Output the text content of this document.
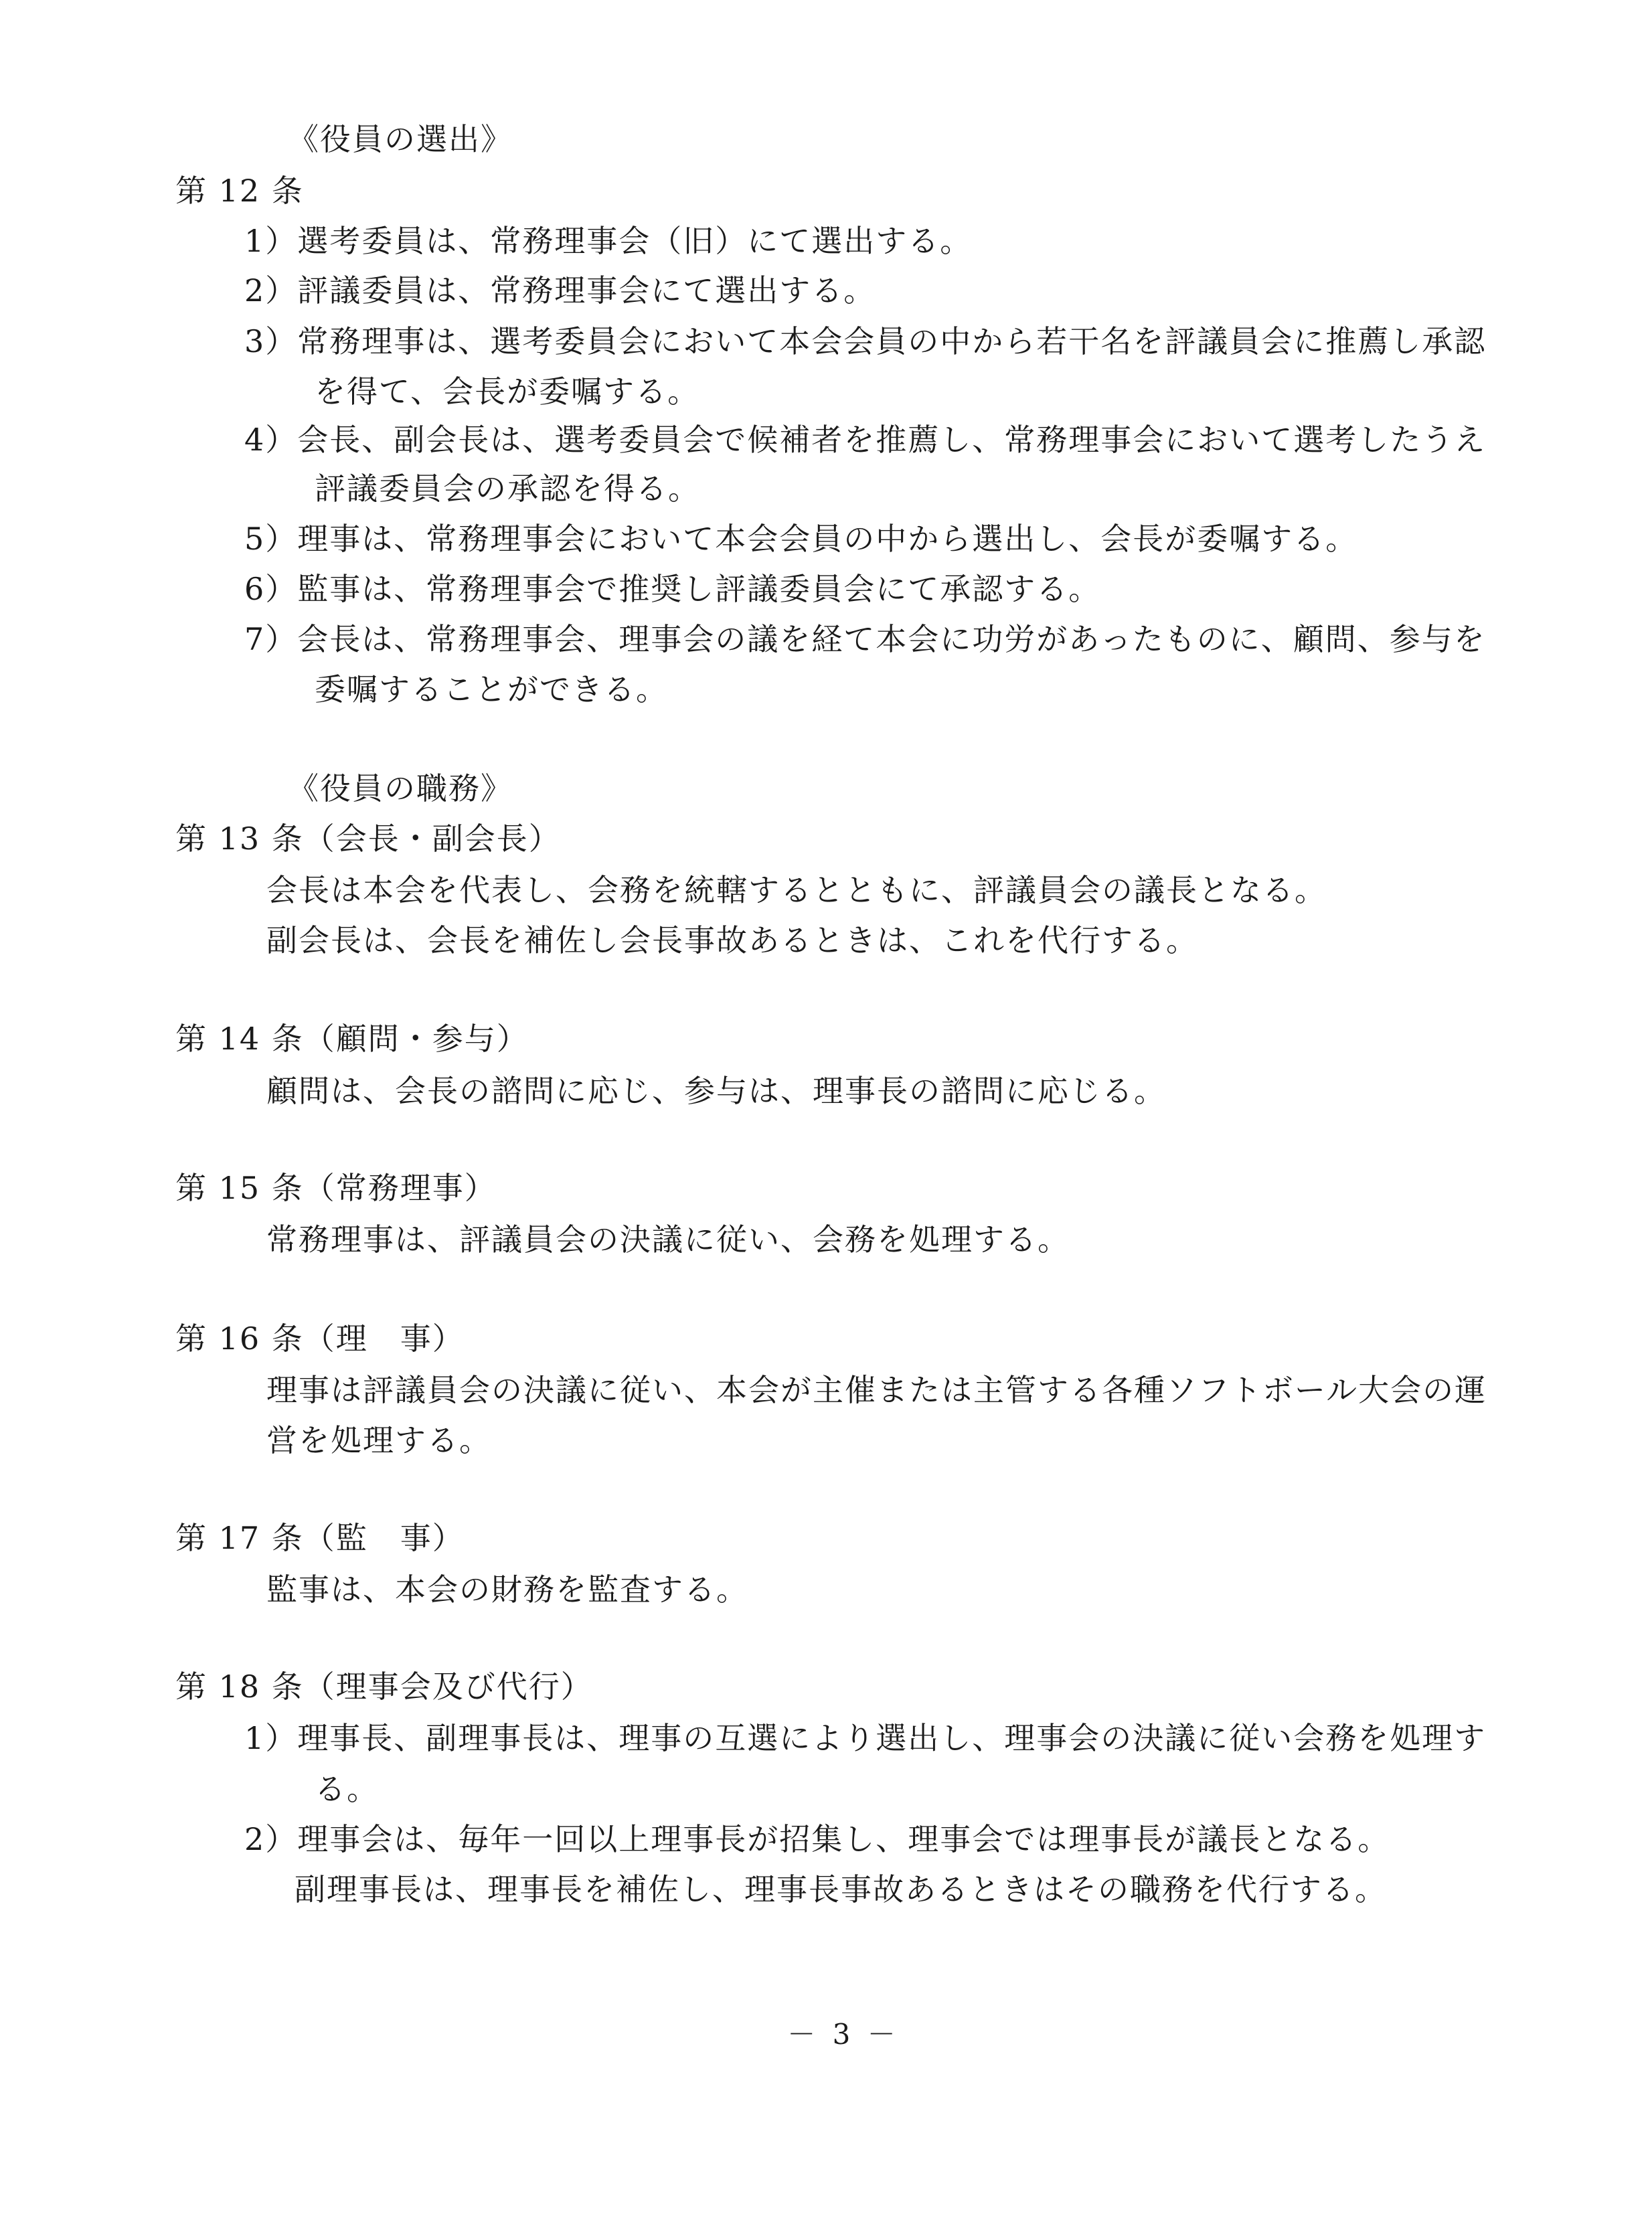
《役員の選出》
第 12 条
1）選考委員は、常務理事会（旧）にて選出する。
2）評議委員は、常務理事会にて選出する。
3）常務理事は、選考委員会において本会会員の中から若干名を評議員会に推薦し承認
を得て、会長が委嘱する。
4）会長、副会長は、選考委員会で候補者を推薦し、常務理事会において選考したうえ
評議委員会の承認を得る。
5）理事は、常務理事会において本会会員の中から選出し、会長が委嘱する。
6）監事は、常務理事会で推奨し評議委員会にて承認する。
7）会長は、常務理事会、理事会の議を経て本会に功労があったものに、顧問、参与を
委嘱することができる。
《役員の職務》
第 13 条（会長・副会長）
会長は本会を代表し、会務を統轄するとともに、評議員会の議長となる。
副会長は、会長を補佐し会長事故あるときは、これを代行する。
第 14 条（顧問・参与）
顧問は、会長の諮問に応じ、参与は、理事長の諮問に応じる。
第 15 条（常務理事）
常務理事は、評議員会の決議に従い、会務を処理する。
第 16 条（理　事）
理事は評議員会の決議に従い、本会が主催または主管する各種ソフトボール大会の運
営を処理する。
第 17 条（監　事）
監事は、本会の財務を監査する。
第 18 条（理事会及び代行）
1）理事長、副理事長は、理事の互選により選出し、理事会の決議に従い会務を処理す
る。
2）理事会は、毎年一回以上理事長が招集し、理事会では理事長が議長となる。
副理事長は、理事長を補佐し、理事長事故あるときはその職務を代行する。
－ 3 －
